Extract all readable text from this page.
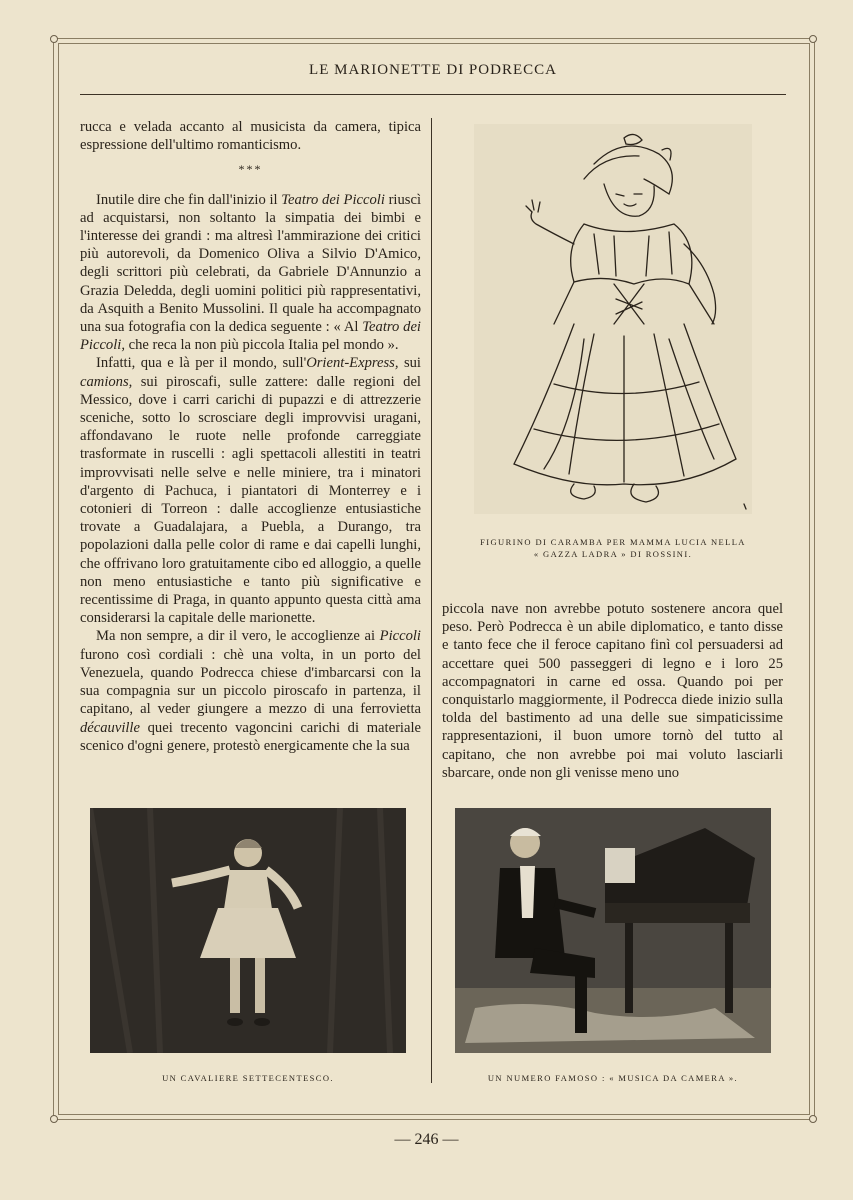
LE MARIONETTE DI PODRECCA

rucca e velada accanto al musicista da camera, tipica espressione dell'ultimo romanticismo.

***

Inutile dire che fin dall'inizio il Teatro dei Piccoli riuscì ad acquistarsi, non soltanto la simpatia dei bimbi e l'interesse dei grandi : ma altresì l'ammirazione dei critici più autorevoli, da Domenico Oliva a Silvio D'Amico, degli scrittori più celebrati, da Gabriele D'Annunzio a Grazia Deledda, degli uomini politici più rappresentativi, da Asquith a Benito Mussolini. Il quale ha accompagnato una sua fotografia con la dedica seguente : « Al Teatro dei Piccoli, che reca la non più piccola Italia pel mondo ».

Infatti, qua e là per il mondo, sull'Orient-Express, sui camions, sui piroscafi, sulle zattere: dalle regioni del Messico, dove i carri carichi di pupazzi e di attrezzerie sceniche, sotto lo scrosciare degli improvvisi uragani, affondavano le ruote nelle profonde carreggiate trasformate in ruscelli : agli spettacoli allestiti in teatri improvvisati nelle selve e nelle miniere, tra i minatori d'argento di Pachuca, i piantatori di Monterrey e i cotonieri di Torreon : dalle accoglienze entusiastiche trovate a Guadalajara, a Puebla, a Durango, tra popolazioni dalla pelle color di rame e dai capelli lunghi, che offrivano loro gratuitamente cibo ed alloggio, a quelle non meno entusiastiche e tanto più significative e recentissime di Praga, in quanto appunto questa città ama considerarsi la capitale delle marionette.

Ma non sempre, a dir il vero, le accoglienze ai Piccoli furono così cordiali : chè una volta, in un porto del Venezuela, quando Podrecca chiese d'imbarcarsi con la sua compagnia sur un piccolo piroscafo in partenza, il capitano, al veder giungere a mezzo di una ferrovietta décauville quei trecento vagoncini carichi di materiale scenico d'ogni genere, protestò energicamente che la sua

FIGURINO DI CARAMBA PER MAMMA LUCIA NELLA
« GAZZA LADRA » DI ROSSINI.

piccola nave non avrebbe potuto sostenere ancora quel peso. Però Podrecca è un abile diplomatico, e tanto disse e tanto fece che il feroce capitano finì col persuadersi ad accettare quei 500 passeggeri di legno e i loro 25 accompagnatori in carne ed ossa. Quando poi per conquistarlo maggiormente, il Podrecca diede inizio sulla tolda del bastimento ad una delle sue simpaticissime rappresentazioni, il buon umore tornò del tutto al capitano, che non avrebbe poi mai voluto lasciarli sbarcare, onde non gli venisse meno uno

UN CAVALIERE SETTECENTESCO.	UN NUMERO FAMOSO : « MUSICA DA CAMERA ».
— 246 —
